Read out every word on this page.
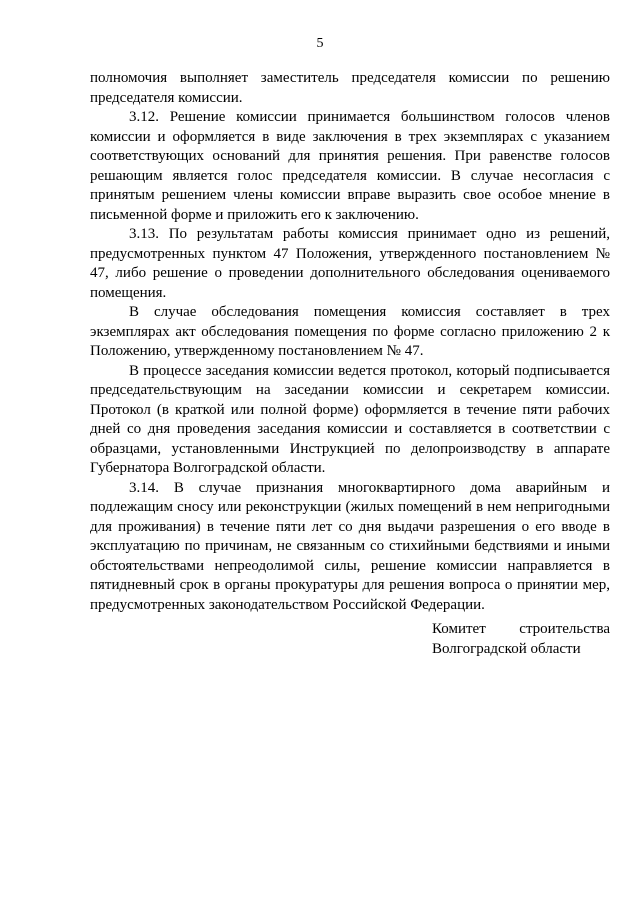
5

полномочия выполняет заместитель председателя комиссии по решению председателя комиссии.

3.12. Решение комиссии принимается большинством голосов членов комиссии и оформляется в виде заключения в трех экземплярах с указанием соответствующих оснований для принятия решения. При равенстве голосов решающим является голос председателя комиссии. В случае несогласия с принятым решением члены комиссии вправе выразить свое особое мнение в письменной форме и приложить его к заключению.

3.13. По результатам работы комиссия принимает одно из решений, предусмотренных пунктом 47 Положения, утвержденного постановлением № 47, либо решение о проведении дополнительного обследования оцениваемого помещения.

В случае обследования помещения комиссия составляет в трех экземплярах акт обследования помещения по форме согласно приложению 2 к Положению, утвержденному постановлением № 47.

В процессе заседания комиссии ведется протокол, который подписывается председательствующим на заседании комиссии и секретарем комиссии. Протокол (в краткой или полной форме) оформляется в течение пяти рабочих дней со дня проведения заседания комиссии и составляется в соответствии с образцами, установленными Инструкцией по делопроизводству в аппарате Губернатора Волгоградской области.

3.14. В случае признания многоквартирного дома аварийным и подлежащим сносу или реконструкции (жилых помещений в нем непригодными для проживания) в течение пяти лет со дня выдачи разрешения о его вводе в эксплуатацию по причинам, не связанным со стихийными бедствиями и иными обстоятельствами непреодолимой силы, решение комиссии направляется в пятидневный срок в органы прокуратуры для решения вопроса о принятии мер, предусмотренных законодательством Российской Федерации.

Комитет строительства
Волгоградской области
